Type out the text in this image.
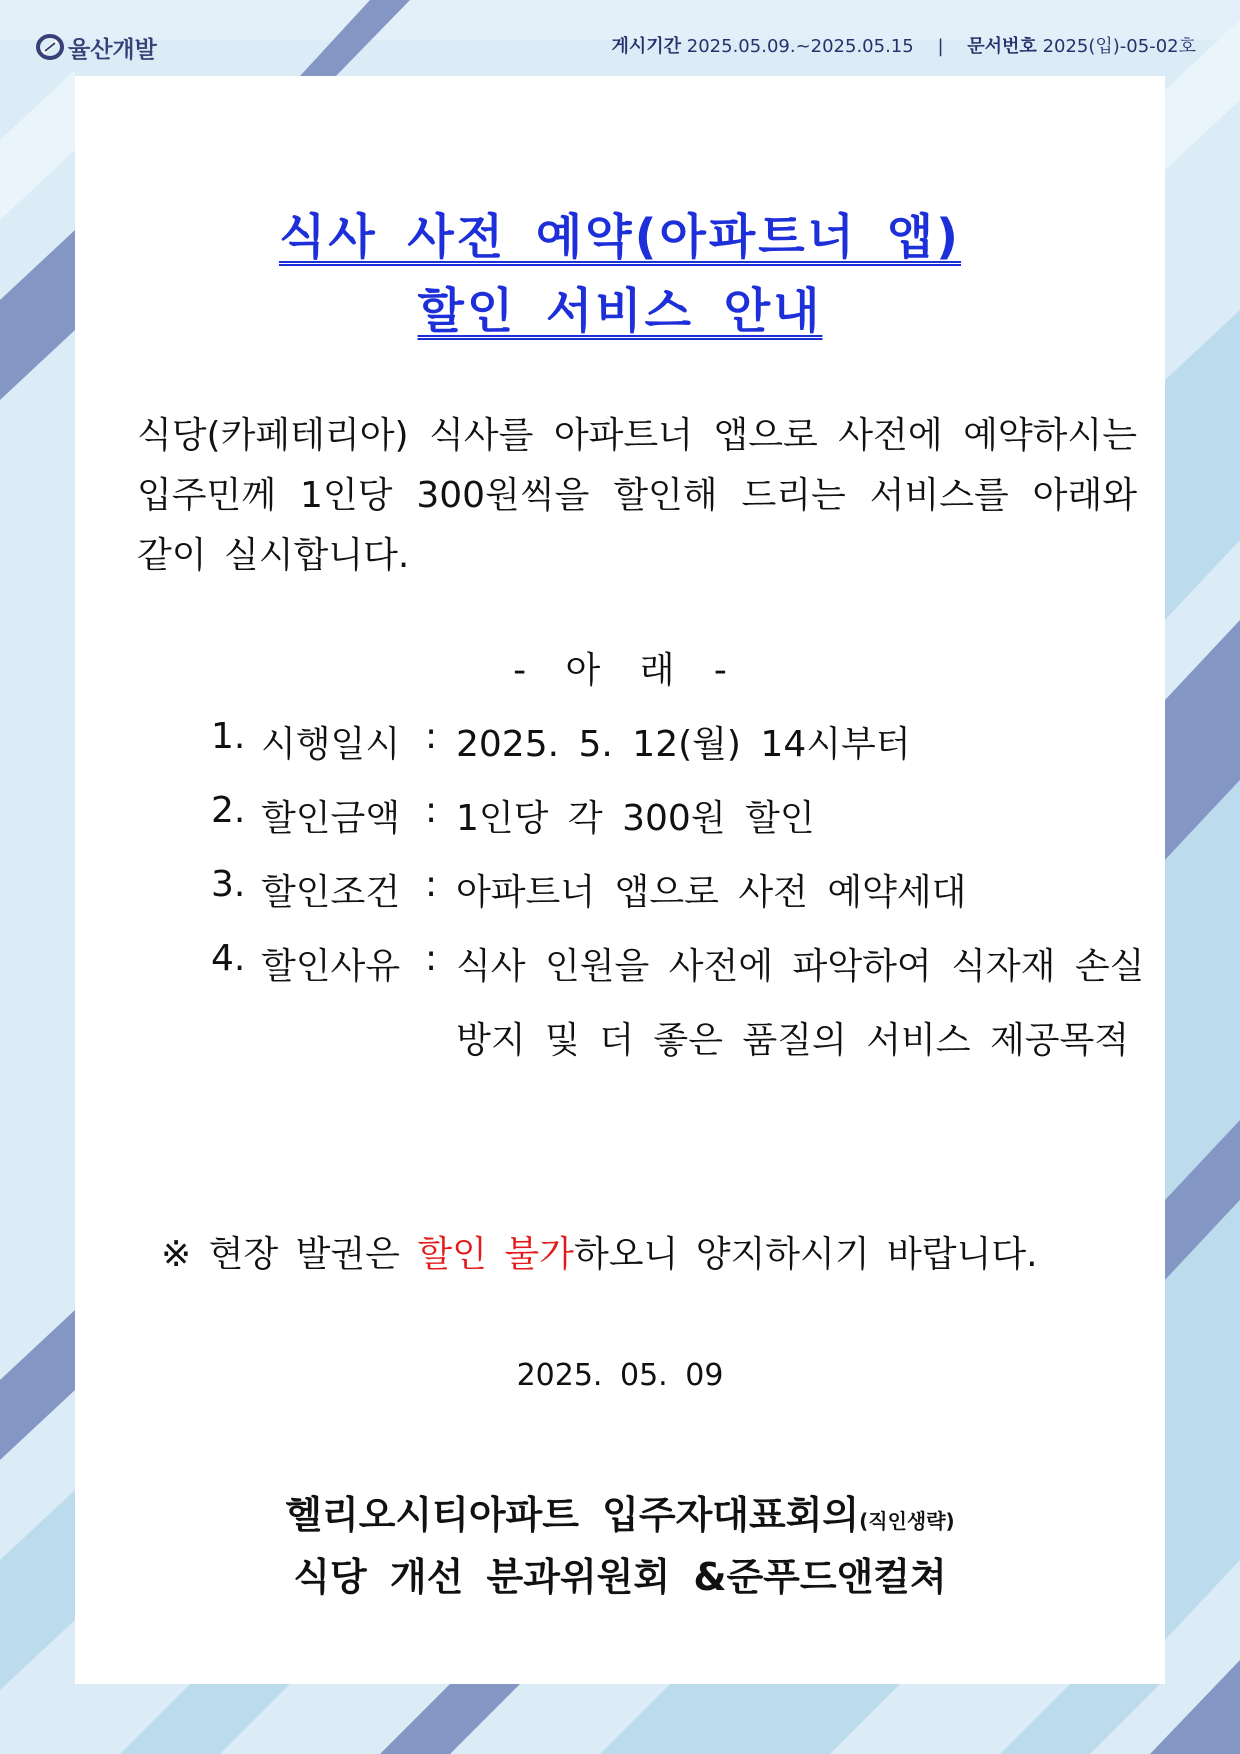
율산개발	게시기간 2025.05.09.~2025.05.15 | 문서번호 2025(입)-05-02호
식사 사전 예약(아파트너 앱)
할인 서비스 안내
식당(카페테리아) 식사를 아파트너 앱으로 사전에 예약하시는 입주민께 1인당 300원씩을 할인해 드리는 서비스를 아래와 같이 실시합니다.
- 아 래 -
1. 시행일시 : 2025. 5. 12(월) 14시부터
2. 할인금액 : 1인당 각 300원 할인
3. 할인조건 : 아파트너 앱으로 사전 예약세대
4. 할인사유 : 식사 인원을 사전에 파악하여 식자재 손실
방지 및 더 좋은 품질의 서비스 제공목적
※ 현장 발권은 할인 불가하오니 양지하시기 바랍니다.
2025. 05. 09
헬리오시티아파트 입주자대표회의(직인생략)
식당 개선 분과위원회 &준푸드앤컬쳐
